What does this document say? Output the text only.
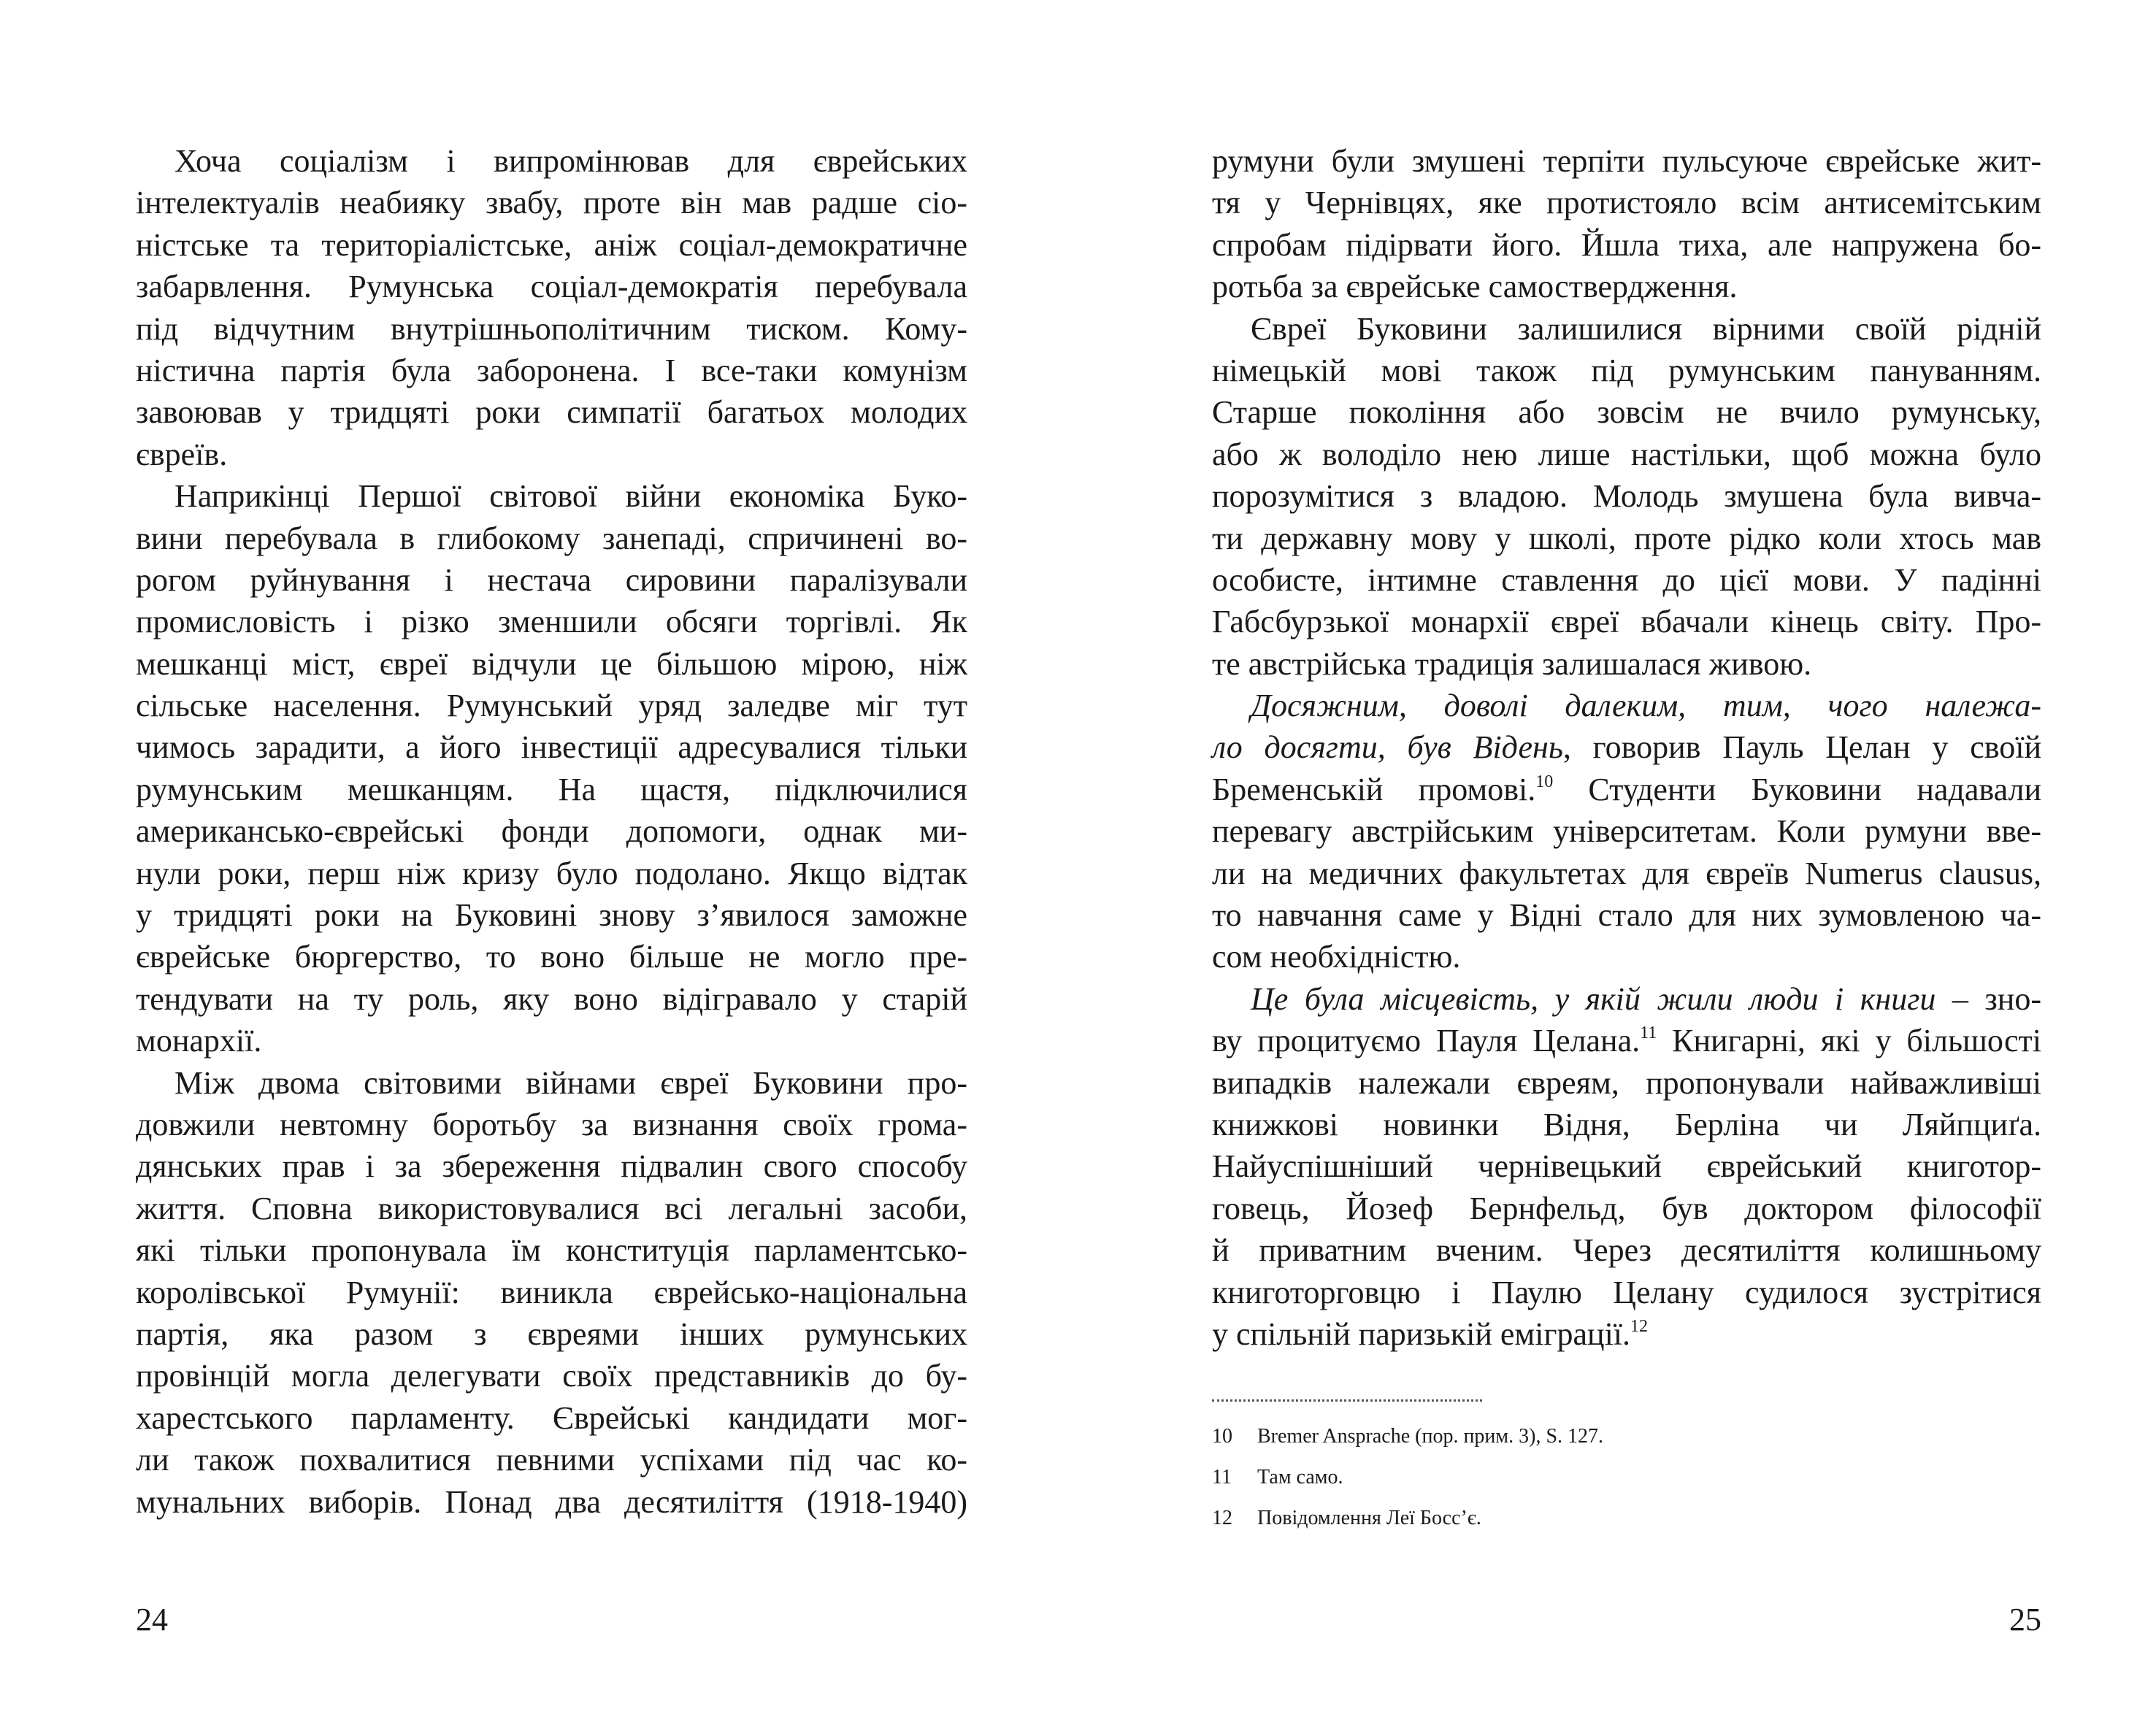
Хоча соціалізм і випромінював для єврейських
інтелектуалів неабияку звабу, проте він мав радше сіо-
ністське та територіалістське, аніж соціал-демократичне
забарвлення. Румунська соціал-демократія перебувала
під відчутним внутрішньополітичним тиском. Кому-
ністична партія була заборонена. І все-таки комунізм
завоював у тридцяті роки симпатії багатьох молодих
євреїв.
Наприкінці Першої світової війни економіка Буко-
вини перебувала в глибокому занепаді, спричинені во-
рогом руйнування і нестача сировини паралізували
промисловість і різко зменшили обсяги торгівлі. Як
мешканці міст, євреї відчули це більшою мірою, ніж
сільське населення. Румунський уряд заледве міг тут
чимось зарадити, а його інвестиції адресувалися тільки
румунським мешканцям. На щастя, підключилися
американсько-єврейські фонди допомоги, однак ми-
нули роки, перш ніж кризу було подолано. Якщо відтак
у тридцяті роки на Буковині знову з’явилося заможне
єврейське бюргерство, то воно більше не могло пре-
тендувати на ту роль, яку воно відігравало у старій
монархії.
Між двома світовими війнами євреї Буковини про-
довжили невтомну боротьбу за визнання своїх грома-
дянських прав і за збереження підвалин свого способу
життя. Сповна використовувалися всі легальні засоби,
які тільки пропонувала їм конституція парламентсько-
королівської Румунії: виникла єврейсько-національна
партія, яка разом з євреями інших румунських
провінцій могла делегувати своїх представників до бу-
харестського парламенту. Єврейські кандидати мог-
ли також похвалитися певними успіхами під час ко-
мунальних виборів. Понад два десятиліття (1918-1940)
24
румуни були змушені терпіти пульсуюче єврейське жит-
тя у Чернівцях, яке протистояло всім антисемітським
спробам підірвати його. Йшла тиха, але напружена бо-
ротьба за єврейське самоствердження.
Євреї Буковини залишилися вірними своїй рідній
німецькій мові також під румунським пануванням.
Старше покоління або зовсім не вчило румунську,
або ж володіло нею лише настільки, щоб можна було
порозумітися з владою. Молодь змушена була вивча-
ти державну мову у школі, проте рідко коли хтось мав
особисте, інтимне ставлення до цієї мови. У падінні
Габсбурзької монархії євреї вбачали кінець світу. Про-
те австрійська традиція залишалася живою.
Досяжним, доволі далеким, тим, чого належа-
ло досягти, був Відень, говорив Пауль Целан у своїй
Бременській промові.$^{10}$ Студенти Буковини надавали
перевагу австрійським університетам. Коли румуни вве-
ли на медичних факультетах для євреїв Numerus clausus,
то навчання саме у Відні стало для них зумовленою ча-
сом необхідністю.
Це була місцевість, у якій жили люди і книги – зно-
ву процитуємо Пауля Целана.$^{11}$ Книгарні, які у більшості
випадків належали євреям, пропонували найважливіші
книжкові новинки Відня, Берліна чи Ляйпциґа.
Найуспішніший чернівецький єврейський книготор-
говець, Йозеф Бернфельд, був доктором філософії
й приватним вченим. Через десятиліття колишньому
книготорговцю і Паулю Целану судилося зустрітися
у спільній паризькій еміграції.$^{12}$
10	Bremer Ansprache (пор. прим. 3), S. 127.
11	Там само.
12	Повідомлення Леї Босс’є.
25
